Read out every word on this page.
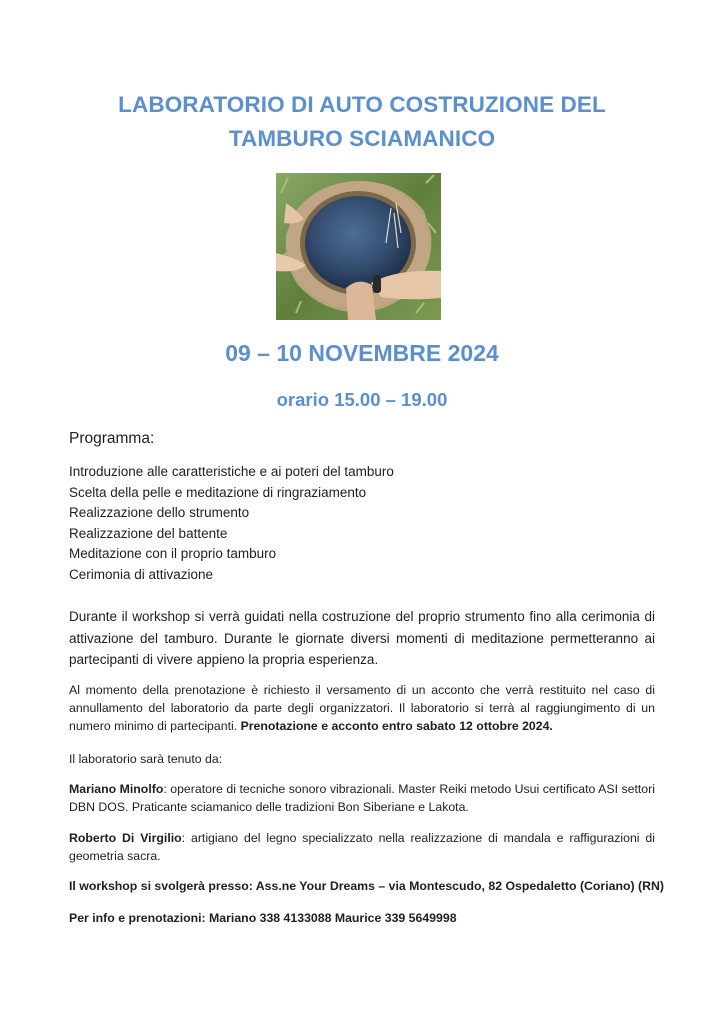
LABORATORIO DI AUTO COSTRUZIONE DEL
TAMBURO SCIAMANICO
09 – 10 NOVEMBRE 2024
orario 15.00 – 19.00
Programma:
Introduzione alle caratteristiche e ai poteri del tamburo
Scelta della pelle e meditazione di ringraziamento
Realizzazione dello strumento
Realizzazione del battente
Meditazione con il proprio tamburo
Cerimonia di attivazione

Durante il workshop si verrà guidati nella costruzione del proprio strumento fino alla cerimonia di attivazione del tamburo. Durante le giornate diversi momenti di meditazione permetteranno ai partecipanti di vivere appieno la propria esperienza.

Al momento della prenotazione è richiesto il versamento di un acconto che verrà restituito nel caso di annullamento del laboratorio da parte degli organizzatori. Il laboratorio si terrà al raggiungimento di un numero minimo di partecipanti. Prenotazione e acconto entro sabato 12 ottobre 2024.

Il laboratorio sarà tenuto da:

Mariano Minolfo: operatore di tecniche sonoro vibrazionali. Master Reiki metodo Usui certificato ASI settori DBN DOS. Praticante sciamanico delle tradizioni Bon Siberiane e Lakota.

Roberto Di Virgilio: artigiano del legno specializzato nella realizzazione di mandala e raffigurazioni di geometria sacra.

Il workshop si svolgerà presso: Ass.ne Your Dreams – via Montescudo, 82 Ospedaletto (Coriano) (RN)

Per info e prenotazioni: Mariano 338 4133088 Maurice 339 5649998
